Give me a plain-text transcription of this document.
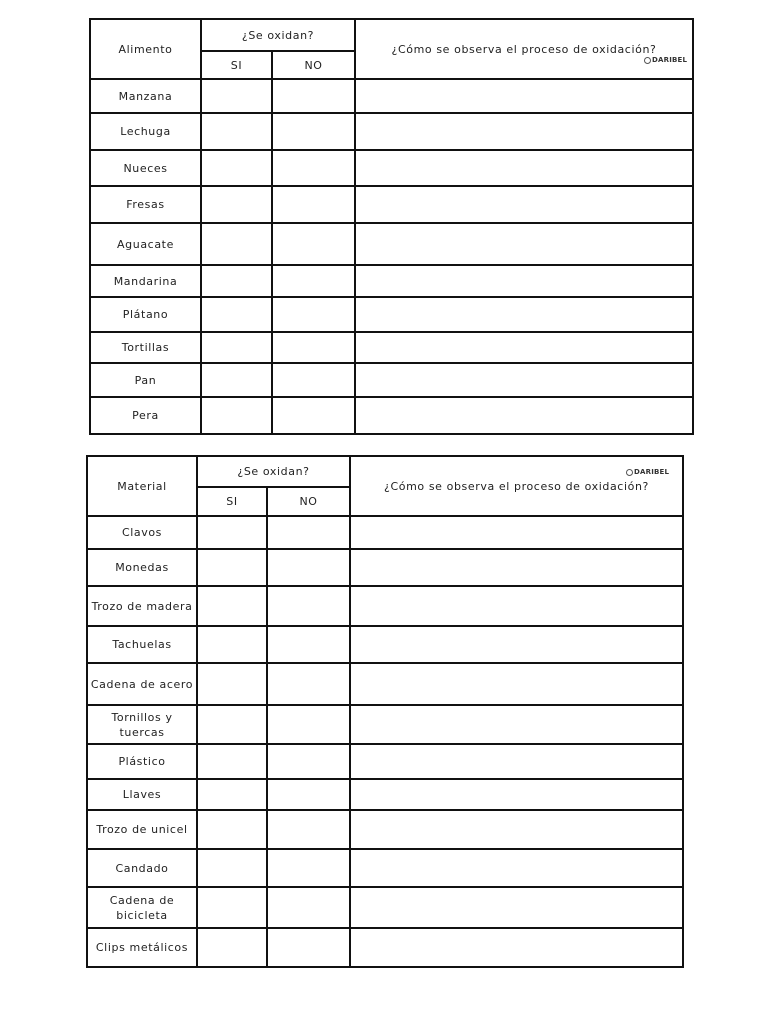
Alimento	¿Se oxidan?		¿Cómo se observa el proceso de oxidación?
	SI	NO	
Manzana			
Lechuga			
Nueces			
Fresas			
Aguacate			
Mandarina			
Plátano			
Tortillas			
Pan			
Pera			
DARIBEL
Material	¿Se oxidan?		¿Cómo se observa el proceso de oxidación?
	SI	NO	
Clavos			
Monedas			
Trozo de madera			
Tachuelas			
Cadena de acero			
Tornillos y tuercas			
Plástico			
Llaves			
Trozo de unicel			
Candado			
Cadena de bicicleta			
Clips metálicos			
DARIBEL
